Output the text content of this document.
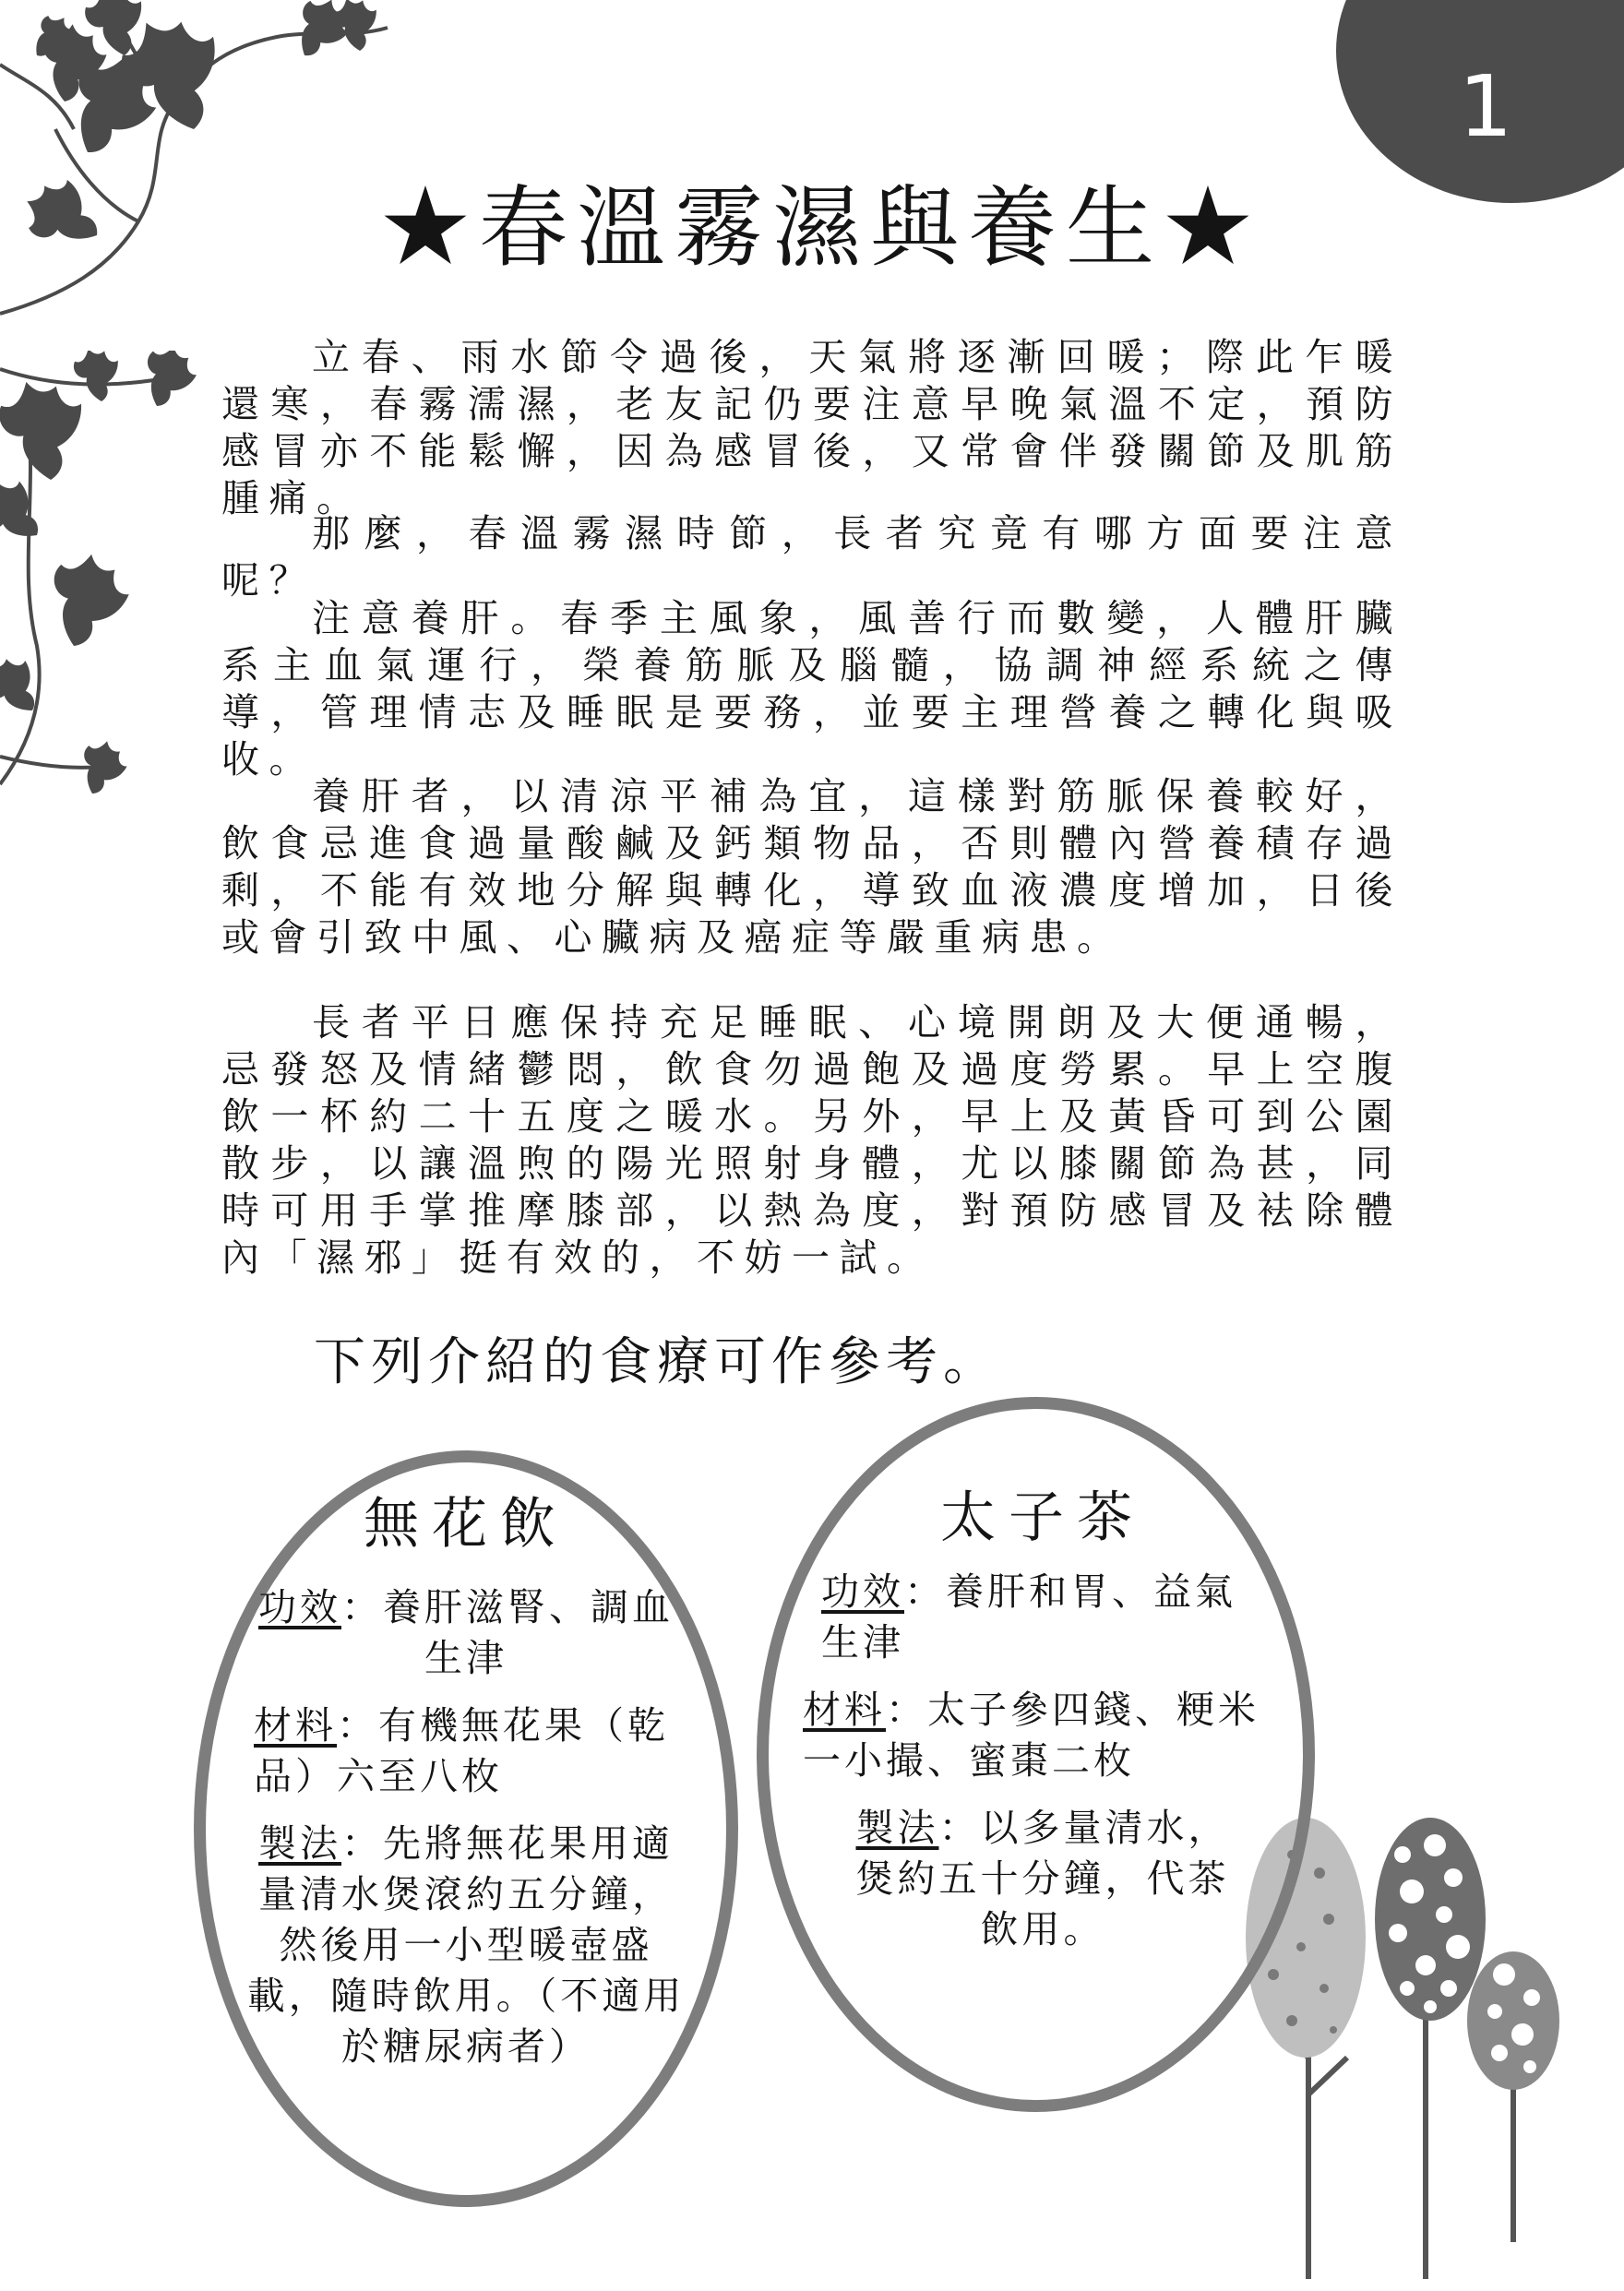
1
★春溫霧濕與養生★

立春、雨水節令過後，天氣將逐漸回暖；際此乍暖還寒，春霧濡濕，老友記仍要注意早晚氣溫不定，預防感冒亦不能鬆懈，因為感冒後，又常會伴發關節及肌筋腫痛。

那麼，春溫霧濕時節，長者究竟有哪方面要注意呢？

注意養肝。春季主風象，風善行而數變，人體肝臟系主血氣運行，榮養筋脈及腦髓，協調神經系統之傳導，管理情志及睡眠是要務，並要主理營養之轉化與吸收。

養肝者，以清涼平補為宜，這樣對筋脈保養較好，飲食忌進食過量酸鹹及鈣類物品，否則體內營養積存過剩，不能有效地分解與轉化，導致血液濃度增加，日後或會引致中風、心臟病及癌症等嚴重病患。

長者平日應保持充足睡眠、心境開朗及大便通暢，忌發怒及情緒鬱悶，飲食勿過飽及過度勞累。早上空腹飲一杯約二十五度之暖水。另外，早上及黃昏可到公園散步，以讓溫煦的陽光照射身體，尤以膝關節為甚，同時可用手掌推摩膝部，以熱為度，對預防感冒及袪除體內「濕邪」挺有效的，不妨一試。

下列介紹的食療可作參考。
無花飲

功效：養肝滋腎、調血生津

材料：有機無花果（乾品）六至八枚

製法：先將無花果用適量清水煲滾約五分鐘，然後用一小型暖壺盛載，隨時飲用。（不適用於糖尿病者）

太子茶

功效：養肝和胃、益氣生津

材料：太子參四錢、粳米一小撮、蜜棗二枚

製法：以多量清水，煲約五十分鐘，代茶飲用。
